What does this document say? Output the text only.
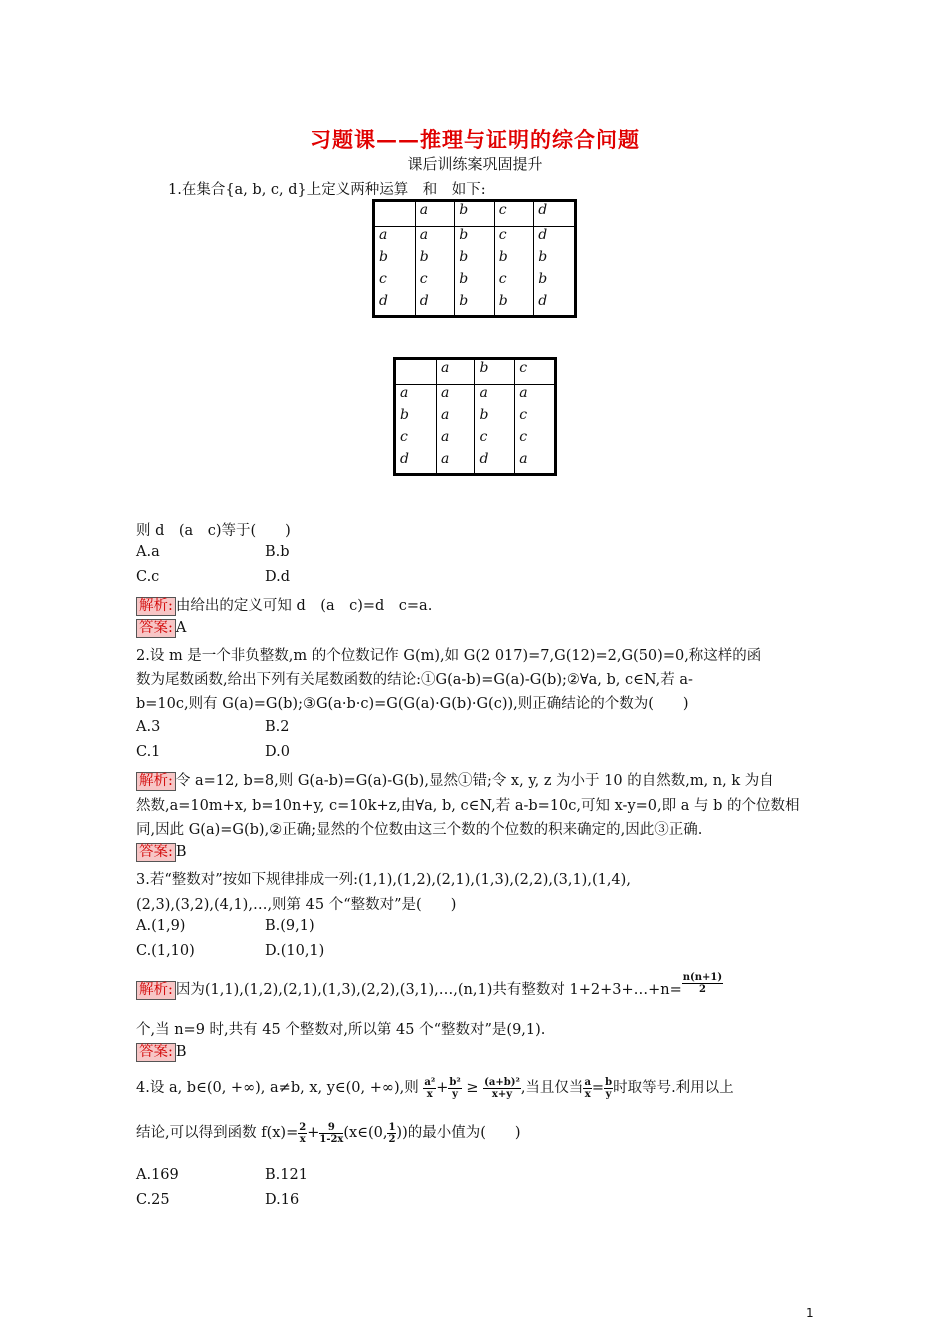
习题课——推理与证明的综合问题
课后训练案巩固提升
1.在集合{a, b, c, d}上定义两种运算　和　如下:
	a	b	c	d
a	a	b	c	d
b	b	b	b	b
c	c	b	c	b
d	d	b	b	d
	a	b	c
a	a	a	a
b	a	b	c
c	a	c	c
d	a	d	a
则 d　(a　c)等于(　　)
A.a	B.b
C.c	D.d
解析: 由给出的定义可知 d　(a　c)=d　c=a.
答案: A
2.设 m 是一个非负整数,m 的个位数记作 G(m),如 G(2 017)=7,G(12)=2,G(50)=0,称这样的函
数为尾数函数,给出下列有关尾数函数的结论:①G(a-b)=G(a)-G(b);②∀a, b, c∈N,若 a-
b=10c,则有 G(a)=G(b);③G(a·b·c)=G(G(a)·G(b)·G(c)),则正确结论的个数为(　　)
A.3	B.2
C.1	D.0
解析: 令 a=12, b=8,则 G(a-b)=G(a)-G(b),显然①错;令 x, y, z 为小于 10 的自然数,m, n, k 为自
然数,a=10m+x, b=10n+y, c=10k+z,由∀a, b, c∈N,若 a-b=10c,可知 x-y=0,即 a 与 b 的个位数相
同,因此 G(a)=G(b),②正确;显然的个位数由这三个数的个位数的积来确定的,因此③正确.
答案: B
3.若“整数对”按如下规律排成一列:(1,1),(1,2),(2,1),(1,3),(2,2),(3,1),(1,4),
(2,3),(3,2),(4,1),…,则第 45 个“整数对”是(　　)
A.(1,9)	B.(9,1)
C.(1,10)	D.(10,1)
解析: 因为(1,1),(1,2),(2,1),(1,3),(2,2),(3,1),…,(n,1)共有整数对 1+2+3+…+n= $\frac{n(n+1)}{2}$
个,当 n=9 时,共有 45 个整数对,所以第 45 个“整数对”是(9,1).
答案: B
4.设 a, b∈(0, +∞), a≠b, x, y∈(0, +∞),则 $\frac{\text{a²}}{x} + \frac{\text{b²}}{y} \ge \frac{\text{(a+b)²}}{x+y}$ ,当且仅当 $\frac{a}{x} = \frac{b}{y}$ 时取等号.利用以上
结论,可以得到函数 $f(x)= \frac{2}{x} + \frac{9}{1-2x}$ (x∈(0, $\frac{1}{2}$ ))的最小值为(　　)
A.169	B.121
C.25	D.16
1
